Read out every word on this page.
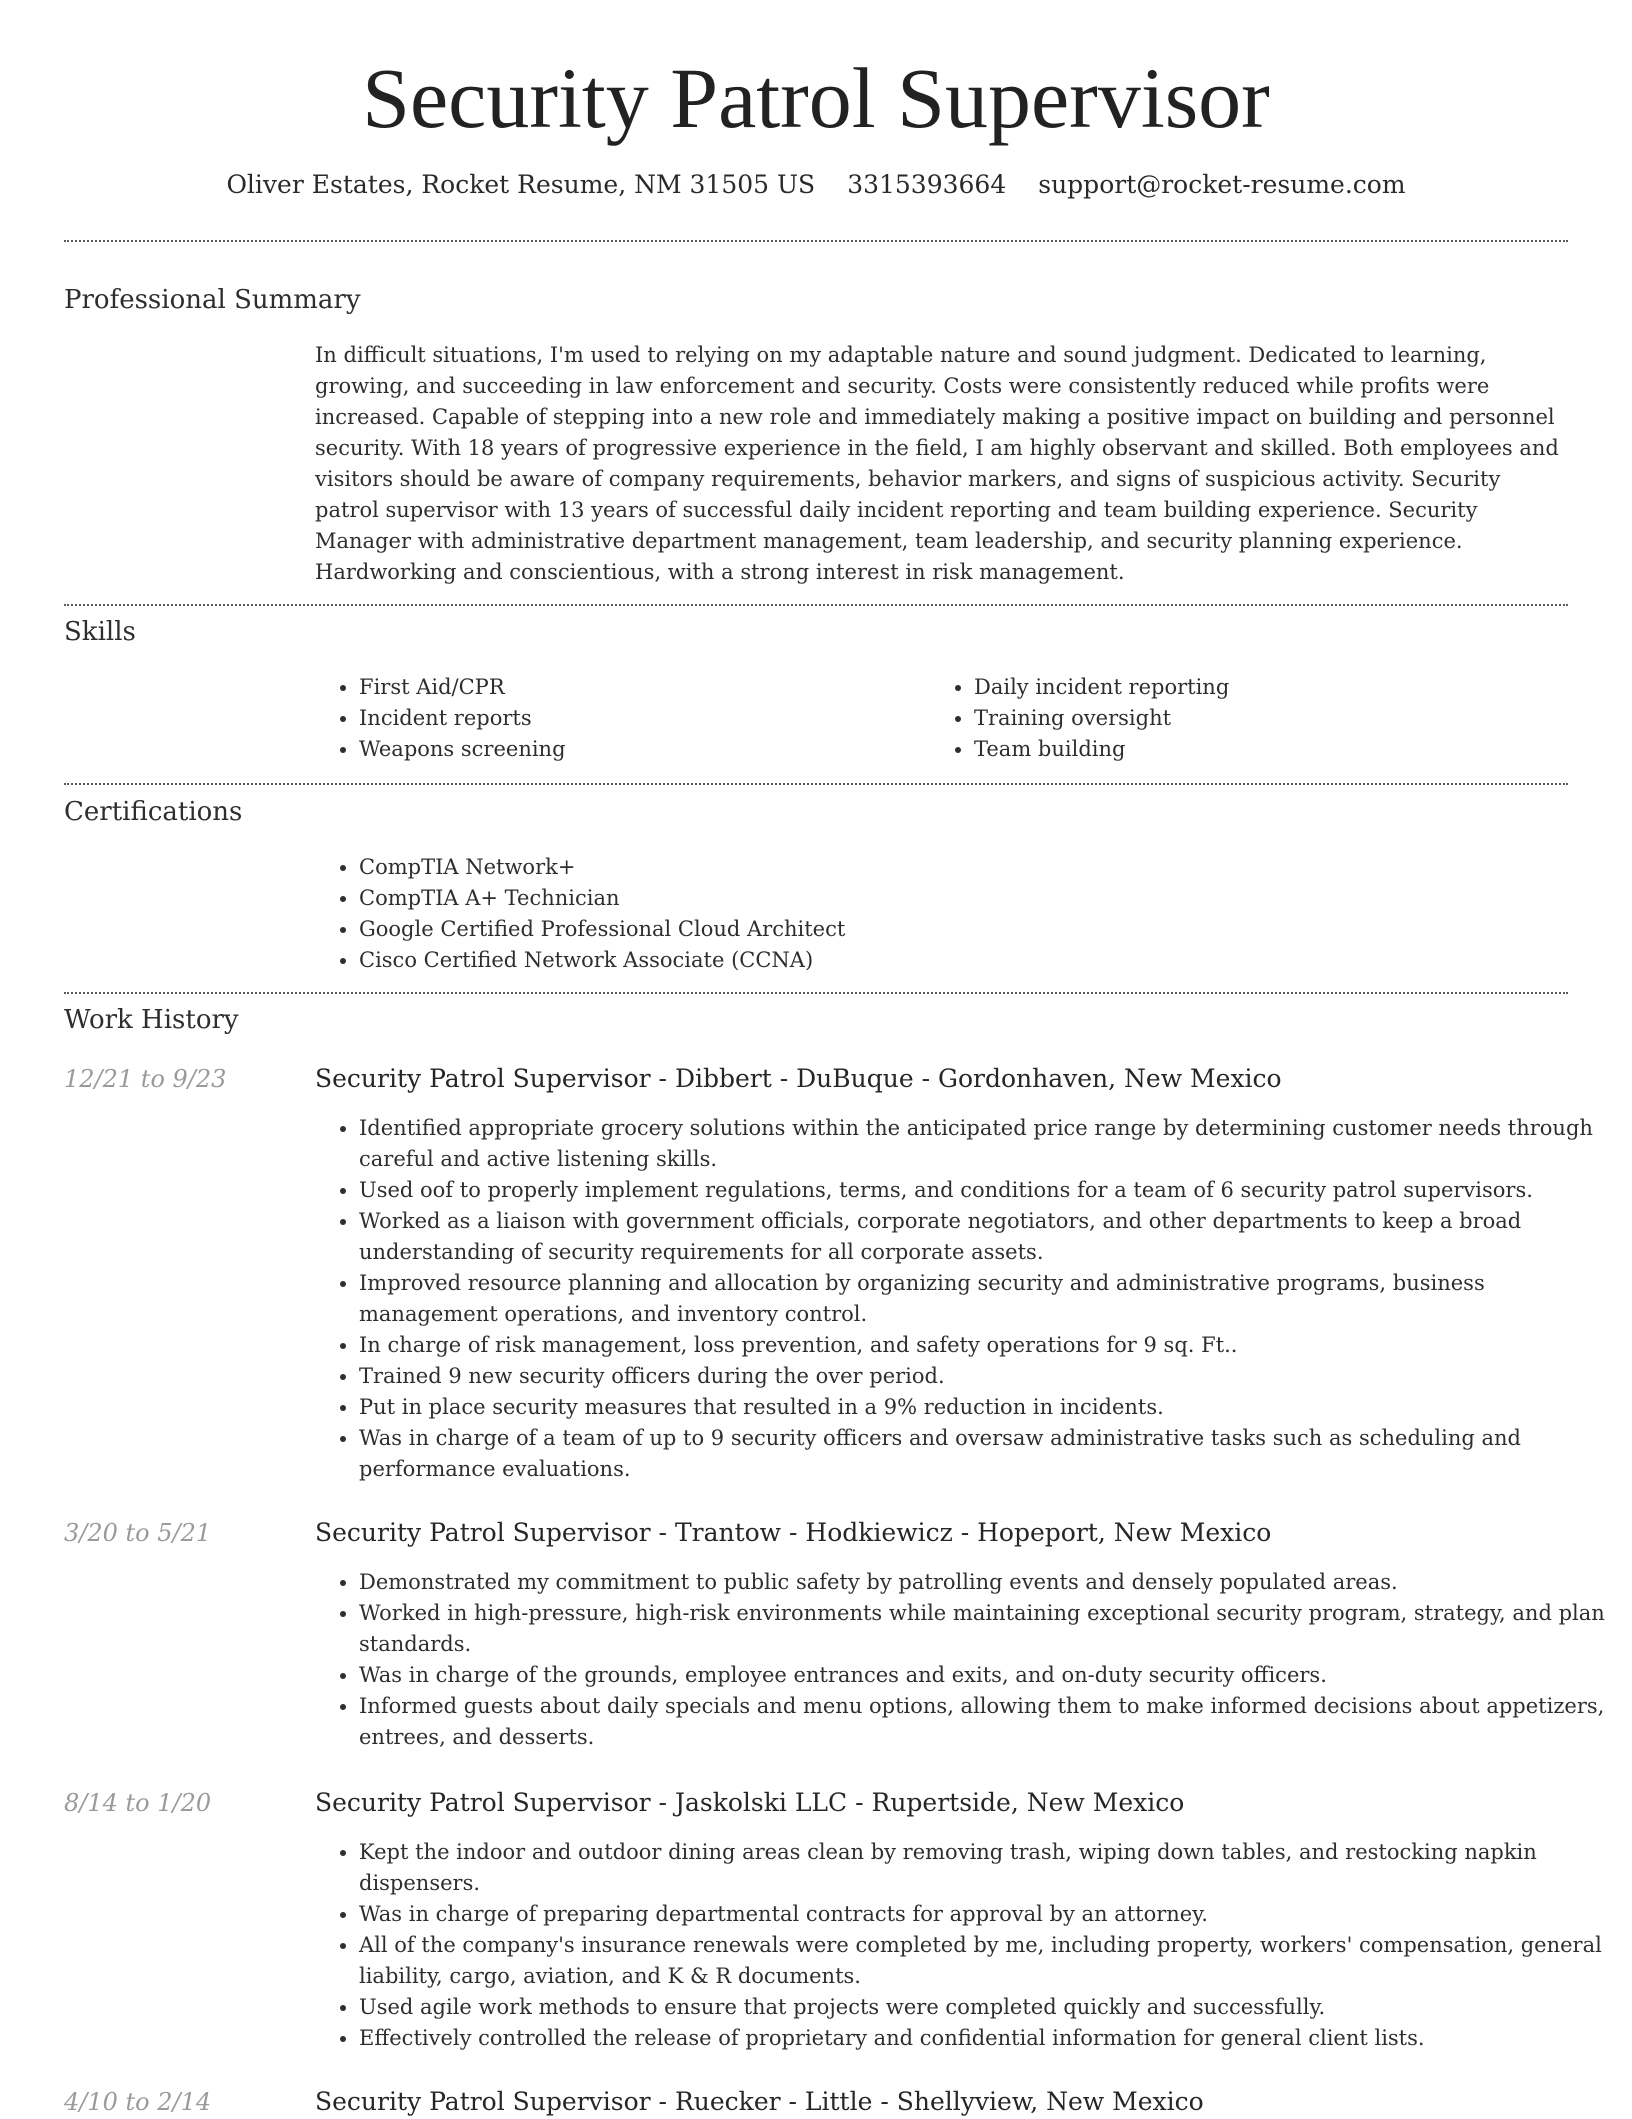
Security Patrol Supervisor
Oliver Estates, Rocket Resume, NM 31505 US 3315393664 support@rocket-resume.com
Professional Summary

In difficult situations, I'm used to relying on my adaptable nature and sound judgment. Dedicated to learning, growing, and succeeding in law enforcement and security. Costs were consistently reduced while profits were increased. Capable of stepping into a new role and immediately making a positive impact on building and personnel security. With 18 years of progressive experience in the field, I am highly observant and skilled. Both employees and visitors should be aware of company requirements, behavior markers, and signs of suspicious activity. Security patrol supervisor with 13 years of successful daily incident reporting and team building experience. Security Manager with administrative department management, team leadership, and security planning experience. Hardworking and conscientious, with a strong interest in risk management.

Skills
• First Aid/CPR
• Incident reports
• Weapons screening
• Daily incident reporting
• Training oversight
• Team building
Certifications
• CompTIA Network+
• CompTIA A+ Technician
• Google Certified Professional Cloud Architect
• Cisco Certified Network Associate (CCNA)
Work History
12/21 to 9/23	Security Patrol Supervisor - Dibbert - DuBuque - Gordonhaven, New Mexico
• Identified appropriate grocery solutions within the anticipated price range by determining customer needs through careful and active listening skills.
• Used oof to properly implement regulations, terms, and conditions for a team of 6 security patrol supervisors.
• Worked as a liaison with government officials, corporate negotiators, and other departments to keep a broad understanding of security requirements for all corporate assets.
• Improved resource planning and allocation by organizing security and administrative programs, business management operations, and inventory control.
• In charge of risk management, loss prevention, and safety operations for 9 sq. Ft..
• Trained 9 new security officers during the over period.
• Put in place security measures that resulted in a 9% reduction in incidents.
• Was in charge of a team of up to 9 security officers and oversaw administrative tasks such as scheduling and performance evaluations.
3/20 to 5/21	Security Patrol Supervisor - Trantow - Hodkiewicz - Hopeport, New Mexico
• Demonstrated my commitment to public safety by patrolling events and densely populated areas.
• Worked in high-pressure, high-risk environments while maintaining exceptional security program, strategy, and plan standards.
• Was in charge of the grounds, employee entrances and exits, and on-duty security officers.
• Informed guests about daily specials and menu options, allowing them to make informed decisions about appetizers, entrees, and desserts.
8/14 to 1/20	Security Patrol Supervisor - Jaskolski LLC - Rupertside, New Mexico
• Kept the indoor and outdoor dining areas clean by removing trash, wiping down tables, and restocking napkin dispensers.
• Was in charge of preparing departmental contracts for approval by an attorney.
• All of the company's insurance renewals were completed by me, including property, workers' compensation, general liability, cargo, aviation, and K & R documents.
• Used agile work methods to ensure that projects were completed quickly and successfully.
• Effectively controlled the release of proprietary and confidential information for general client lists.
4/10 to 2/14	Security Patrol Supervisor - Ruecker - Little - Shellyview, New Mexico
